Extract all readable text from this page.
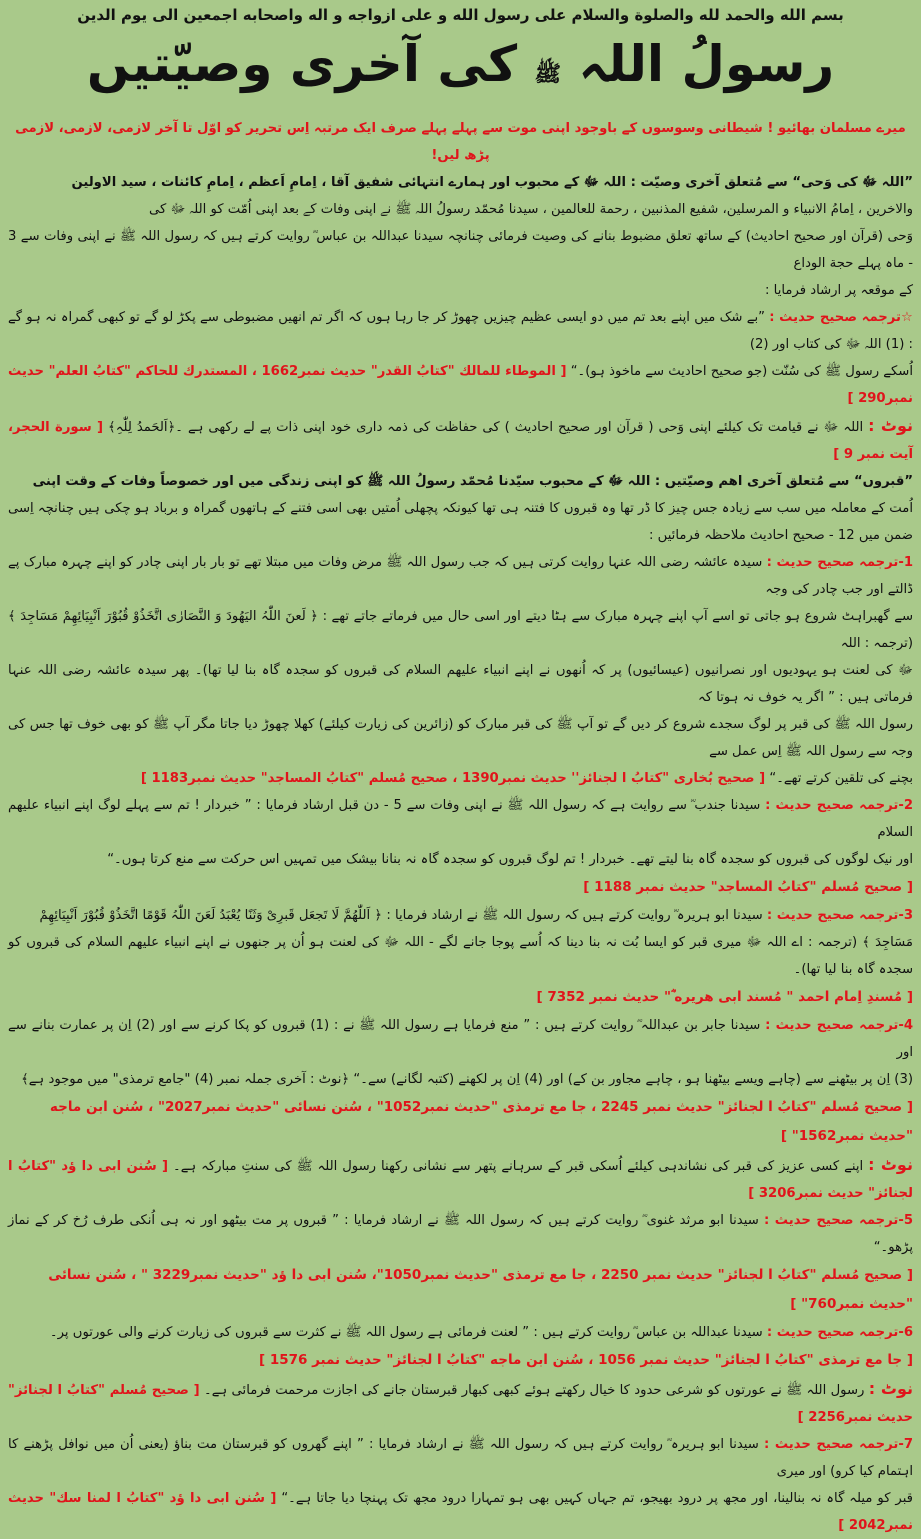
بسم الله والحمد لله والصلوة والسلام علی رسول الله و علی ازواجه و اله واصحابه اجمعین الی یوم الدین

رسولُ اللہ ﷺ کی آخری وصیّتیں

میرے مسلمان بھائیو ! شیطانی وسوسوں کے باوجود اپنی موت سے پہلے پہلے صرف ایک مرتبہ اِس تحریر کو اوّل تا آخر لازمی، لازمی، لازمی پڑھ لیں!

”اللہ ﷻ کی وَحی“ سے مُتعلق آخری وصیّت : اللہ ﷻ کے محبوب اور ہمارے انتہائی شفیق آقا ، اِمامِ اَعظم ، اِمامِ کائنات ، سید الاولین

والاخرین ، اِمامُ الانبیاء و المرسلین، شفیع المذنبین ، رحمة للعالمین ، سیدنا مُحمّد رسولُ اللہ ﷺ نے اپنی وفات کے بعد اپنی اُمّت کو اللہ ﷻ کی

وَحی (قرآن اور صحیح احادیث) کے ساتھ تعلق مضبوط بنانے کی وصیت فرمائی چنانچہ سیدنا عبداللہ بن عباس ؓ روایت کرتے ہیں کہ رسول اللہ ﷺ نے اپنی وفات سے 3 - ماہ پہلے حجة الوداع

کے موقعہ پر ارشاد فرمایا :

☆ترجمہ صحیح حدیث : ”بے شک میں اپنے بعد تم میں دو ایسی عظیم چیزیں چھوڑ کر جا رہا ہوں کہ اگر تم انھیں مضبوطی سے پکڑ لو گے تو کبھی گمراہ نہ ہو گے : (1) اللہ ﷻ کی کتاب اور (2)

اُسکے رسول ﷺ کی سُنّت (جو صحیح احادیث سے ماخوذ ہو)۔“ [ الموطاء للمالك "كتابُ القدر" حديث نمبر1662 ، المستدرك للحاكم "كتابُ العلم" حديث نمبر290 ]

نوٹ : اللہ ﷻ نے قیامت تک کیلئے اپنی وَحی ( قرآن اور صحیح احادیث ) کی حفاظت کی ذمہ داری خود اپنی ذات پے لے رکھی ہے ۔﴿اَلحَمدُ لِلّٰہِ﴾ [ سورة الحجر، آیت نمبر 9 ]

”قبروں“ سے مُتعلق آخری اهم وصیّتیں : اللہ ﷻ کے محبوب سیّدنا مُحمّد رسولُ اللہ ﷺ کو اپنی زندگی میں اور خصوصاً وفات کے وقت اپنی

اُمت کے معاملہ میں سب سے زیادہ جس چیز کا ڈر تھا وہ قبروں کا فتنہ ہی تھا کیونکہ پچھلی اُمتیں بھی اسی فتنے کے ہاتھوں گمراہ و برباد ہو چکی ہیں چنانچہ اِسی ضمن میں 12 - صحیح احادیث ملاحظہ فرمائیں :

1-ترجمہ صحیح حدیث : سیدہ عائشہ رضی اللہ عنہا روایت کرتی ہیں کہ جب رسول اللہ ﷺ مرض وفات میں مبتلا تھے تو بار بار اپنی چادر کو اپنے چہرہ مبارک پے ڈالتے اور جب چادر کی وجہ

سے گھبراہٹ شروع ہو جاتی تو اسے آپ اپنے چہرہ مبارک سے ہٹا دیتے اور اسی حال میں فرماتے جاتے تھے : ﴿ لَعنَ اللّٰہُ الیَھُودَ وَ النَّصَارٰی اتَّخَذُوْ قُبُوْرَ اَنْبِیَائِھِمْ مَسَاجِدَ ﴾ (ترجمہ : اللہ

ﷻ کی لعنت ہو یہودیوں اور نصرانیوں (عیسائیوں) پر کہ اُنھوں نے اپنے انبیاء علیهم السلام کی قبروں کو سجدہ گاہ بنا لیا تھا)۔ پھر سیدہ عائشہ رضی اللہ عنہا فرماتی ہیں : ” اگر یہ خوف نہ ہوتا کہ

رسول اللہ ﷺ کی قبر پر لوگ سجدے شروع کر دیں گے تو آپ ﷺ کی قبر مبارک کو (زائرین کی زیارت کیلئے) کھلا چھوڑ دیا جاتا مگر آپ ﷺ کو بھی خوف تھا جس کی وجہ سے رسول اللہ ﷺ اِس عمل سے

بچنے کی تلقین کرتے تھے۔“ [ صحیح بُخاری "كتابُ ا لجنائز'' حديث نمبر1390 ، صحیح مُسلم "كتابُ المساجد" حديث نمبر1183 ]

2-ترجمہ صحیح حدیث : سیدنا جندب ؓ سے روایت ہے کہ رسول اللہ ﷺ نے اپنی وفات سے 5 - دن قبل ارشاد فرمایا : ” خبردار ! تم سے پہلے لوگ اپنے انبیاء علیهم السلام

اور نیک لوگوں کی قبروں کو سجدہ گاہ بنا لیتے تھے۔ خبردار ! تم لوگ قبروں کو سجدہ گاہ نہ بنانا بیشک میں تمہیں اس حرکت سے منع کرتا ہوں۔“

[ صحیح مُسلم "كتابُ المساجد" حديث نمبر 1188 ]

3-ترجمہ صحیح حدیث : سیدنا ابو ہریرہ ؓ روایت کرتے ہیں کہ رسول اللہ ﷺ نے ارشاد فرمایا : ﴿ اَللّٰھُمَّ لَا تَجعَل قَبرِیْ وَثَنًا یُعْبَدُ لَعَنَ اللّٰہُ قَوْمًا اتَّخَذُوْ قُبُوْرَ اَنْبِیَائِھِمْ

مَسَاجِدَ ﴾ (ترجمہ : اے اللہ ﷻ میری قبر کو ایسا بُت نہ بنا دینا کہ اُسے پوجا جانے لگے - اللہ ﷻ کی لعنت ہو اُن پر جنھوں نے اپنے انبیاء علیهم السلام کی قبروں کو سجدہ گاہ بنا لیا تھا)۔

[ مُسندِ اِمام احمد " مُسند ابی هریره ؓ" حديث نمبر 7352 ]

4-ترجمہ صحیح حدیث : سیدنا جابر بن عبداللہ ؓ روایت کرتے ہیں : ” منع فرمایا ہے رسول اللہ ﷺ نے : (1) قبروں کو پکا کرنے سے اور (2) اِن پر عمارت بنانے سے اور

(3) اِن پر بیٹھنے سے (چاہے ویسے بیٹھنا ہو ، چاہے مجاور بن کے) اور (4) اِن پر لکھنے (کتبہ لگانے) سے۔“ ﴿نوٹ : آخری جملہ نمبر (4) "جامع ترمذی" میں موجود ہے﴾

[ صحیح مُسلم "كتابُ ا لجنائز" حديث نمبر 2245 ، جا مع ترمذی "حديث نمبر1052" ، سُنن نسائی "حديث نمبر2027" ، سُنن ابن ماجه

"حديث نمبر1562" ]

نوٹ : اپنے کسی عزیز کی قبر کی نشاندہی کیلئے اُسکی قبر کے سرہانے پتھر سے نشانی رکھنا رسول اللہ ﷺ کی سنتِ مبارکہ ہے۔ [ سُنن ابی دا ؤد "كتابُ ا لجنائز" حديث نمبر3206 ]

5-ترجمہ صحیح حدیث : سیدنا ابو مرثد غنوی ؓ روایت کرتے ہیں کہ رسول اللہ ﷺ نے ارشاد فرمایا : ” قبروں پر مت بیٹھو اور نہ ہی اُنکی طرف رُخ کر کے نماز پڑھو۔“

[ صحیح مُسلم "كتابُ ا لجنائز" حديث نمبر 2250 ، جا مع ترمذی "حديث نمبر1050"، سُنن ابی دا ؤد "حديث نمبر3229 " ، سُنن نسائی

"حديث نمبر760" ]

6-ترجمہ صحیح حدیث : سیدنا عبداللہ بن عباس ؓ روایت کرتے ہیں : ” لعنت فرمائی ہے رسول اللہ ﷺ نے کثرت سے قبروں کی زیارت کرنے والی عورتوں پر۔

[ جا مع ترمذی "كتابُ ا لجنائز" حديث نمبر 1056 ، سُنن ابن ماجه "كتابُ ا لجنائز" حديث نمبر 1576 ]

نوٹ : رسول اللہ ﷺ نے عورتوں کو شرعی حدود کا خیال رکھتے ہوئے کبھی کبھار قبرستان جانے کی اجازت مرحمت فرمائی ہے۔ [ صحیح مُسلم "كتابُ ا لجنائز" حديث نمبر2256 ]

7-ترجمہ صحیح حدیث : سیدنا ابو ہریرہ ؓ روایت کرتے ہیں کہ رسول اللہ ﷺ نے ارشاد فرمایا : ” اپنے گھروں کو قبرستان مت بناؤ (یعنی اُن میں نوافل پڑھنے کا اہتمام کیا کرو) اور میری

قبر کو میلہ گاہ نہ بنالینا، اور مجھ پر درود بھیجو، تم جہاں کہیں بھی ہو تمہارا درود مجھ تک پہنچا دیا جاتا ہے۔“ [ سُنن ابی دا ؤد "كتابُ ا لمنا سك" حديث نمبر2042 ]
